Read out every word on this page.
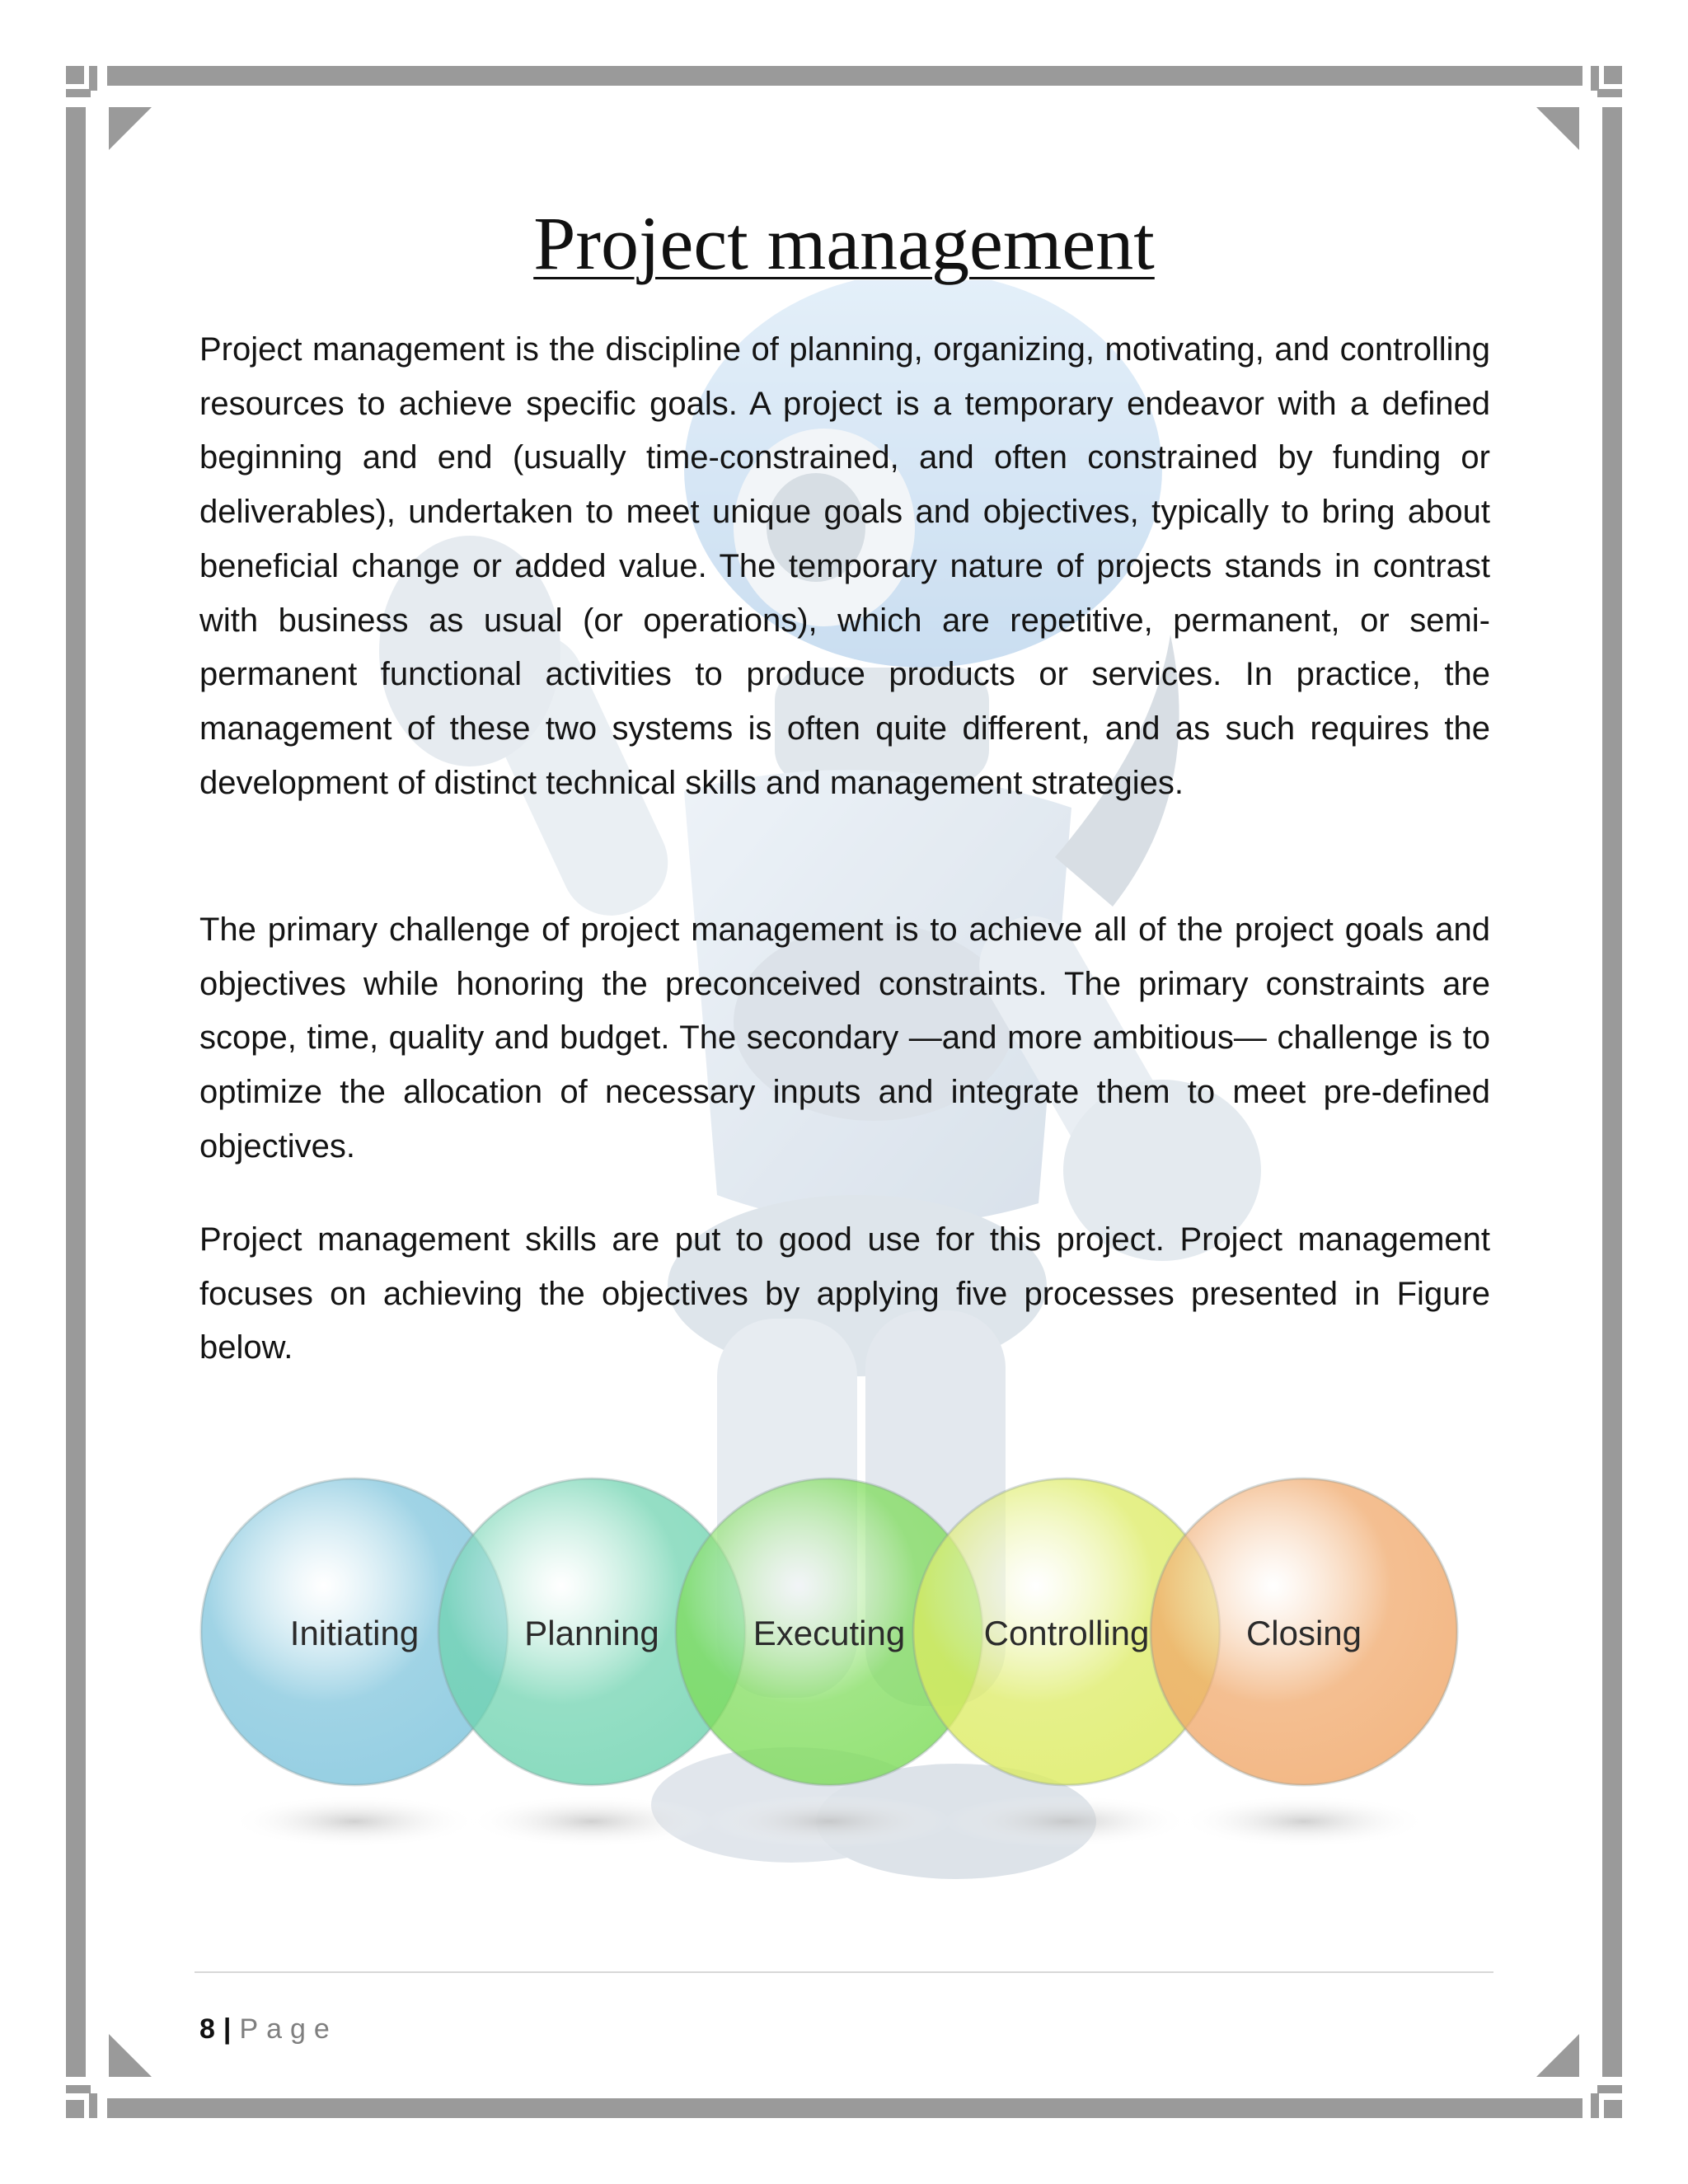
Project management

Project management is the discipline of planning, organizing, motivating, and controlling resources to achieve specific goals. A project is a temporary endeavor with a defined beginning and end (usually time-constrained, and often constrained by funding or deliverables), undertaken to meet unique goals and objectives, typically to bring about beneficial change or added value. The temporary nature of projects stands in contrast with business as usual (or operations), which are repetitive, permanent, or semi-permanent functional activities to produce products or services. In practice, the management of these two systems is often quite different, and as such requires the development of distinct technical skills and management strategies.

The primary challenge of project management is to achieve all of the project goals and objectives while honoring the preconceived constraints. The primary constraints are scope, time, quality and budget. The secondary —and more ambitious— challenge is to optimize the allocation of necessary inputs and integrate them to meet pre-defined objectives.

Project management skills are put to good use for this project. Project management focuses on achieving the objectives by applying five processes presented in Figure below.

Initiating	Planning	Executing Controlling	Closing
8 | Page
